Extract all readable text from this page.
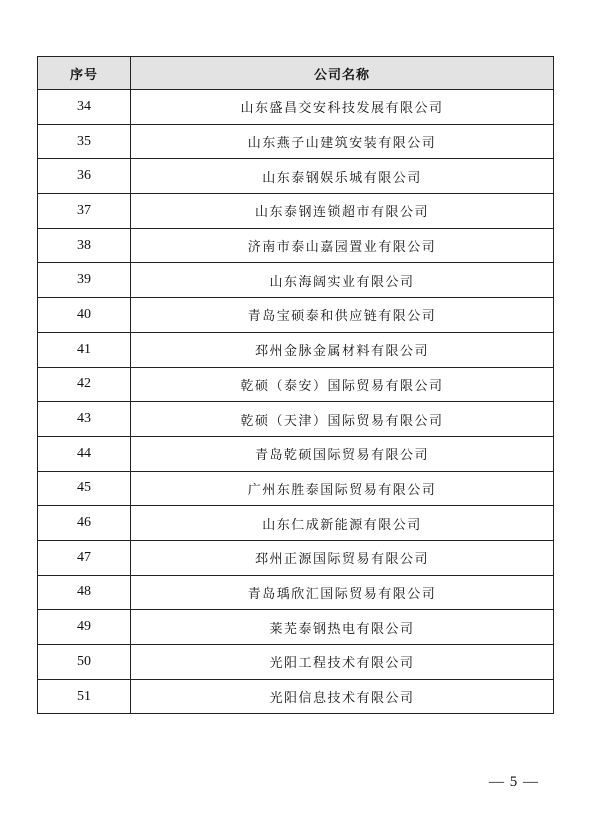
序号	公司名称
34	山东盛昌交安科技发展有限公司
35	山东燕子山建筑安装有限公司
36	山东泰钢娱乐城有限公司
37	山东泰钢连锁超市有限公司
38	济南市泰山嘉园置业有限公司
39	山东海阔实业有限公司
40	青岛宝硕泰和供应链有限公司
41	邳州金脉金属材料有限公司
42	乾硕（泰安）国际贸易有限公司
43	乾硕（天津）国际贸易有限公司
44	青岛乾硕国际贸易有限公司
45	广州东胜泰国际贸易有限公司
46	山东仁成新能源有限公司
47	邳州正源国际贸易有限公司
48	青岛瑀欣汇国际贸易有限公司
49	莱芜泰钢热电有限公司
50	光阳工程技术有限公司
51	光阳信息技术有限公司
— 5 —
